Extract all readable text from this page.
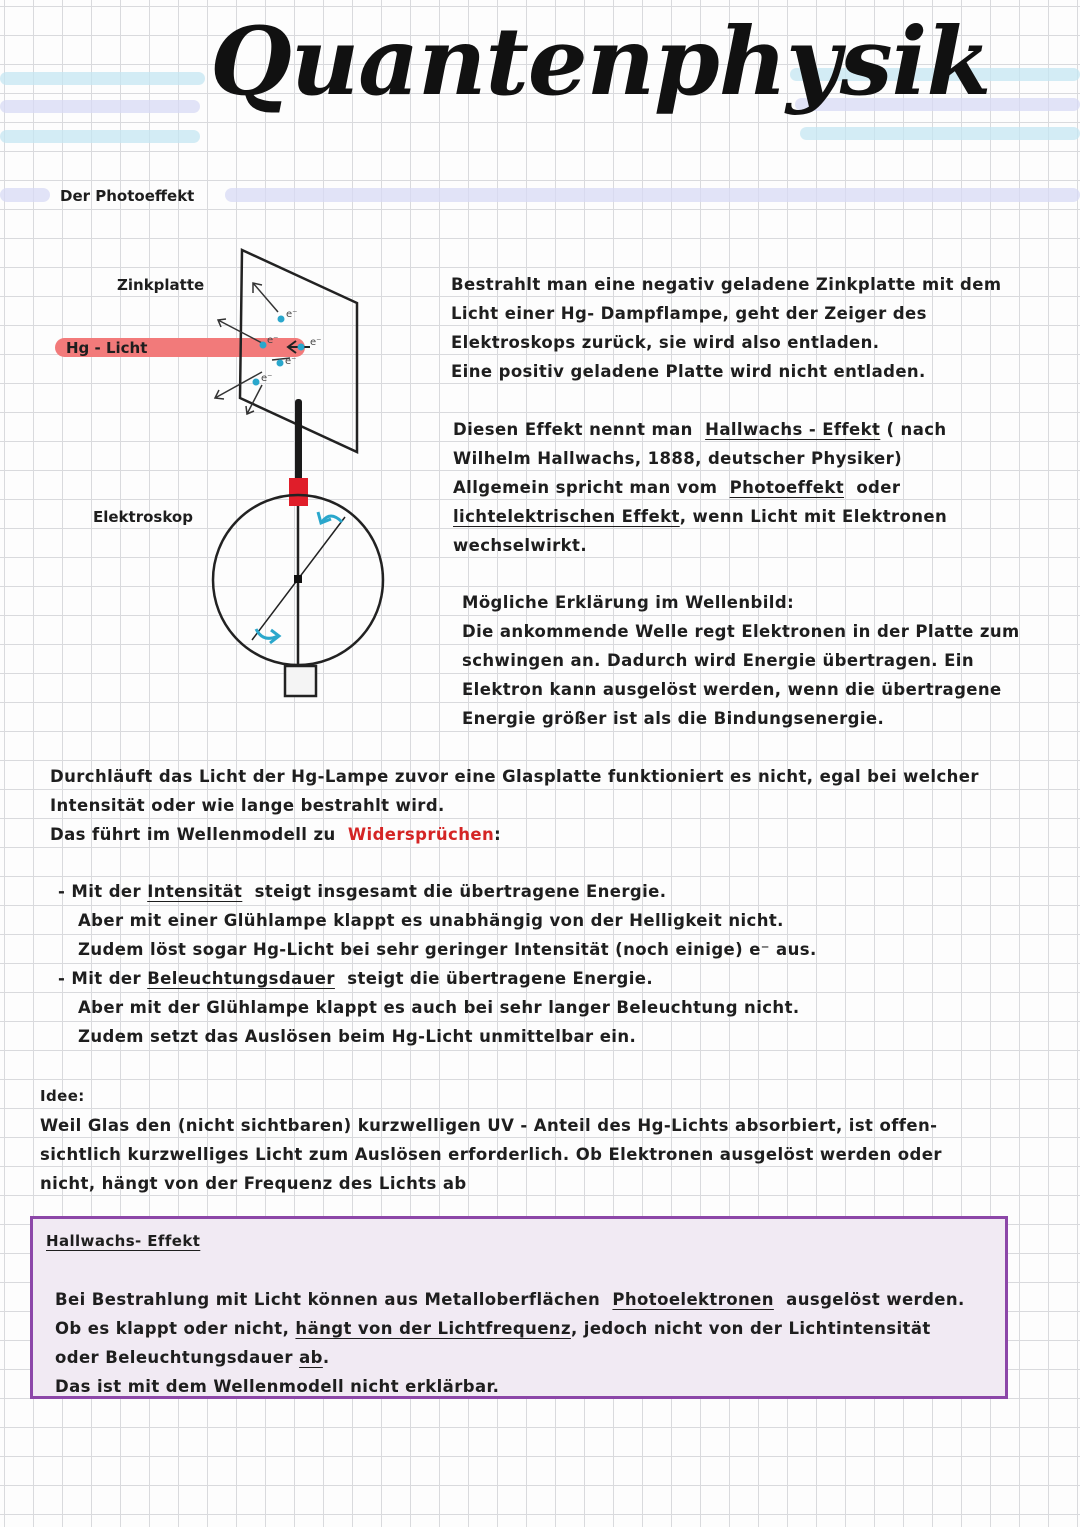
Quantenphysik
Der Photoeffekt
e⁻
e⁻	e⁻
e⁻
e⁻
Zinkplatte
Hg - Licht
Elektroskop
Bestrahlt man eine negativ geladene Zinkplatte mit dem
Licht einer Hg- Dampflampe, geht der Zeiger des
Elektroskops zurück, sie wird also entladen.
Eine positiv geladene Platte wird nicht entladen.
Diesen Effekt nennt man Hallwachs - Effekt ( nach
Wilhelm Hallwachs, 1888, deutscher Physiker)
Allgemein spricht man vom Photoeffekt oder
lichtelektrischen Effekt, wenn Licht mit Elektronen
wechselwirkt.
Mögliche Erklärung im Wellenbild:
Die ankommende Welle regt Elektronen in der Platte zum
schwingen an. Dadurch wird Energie übertragen. Ein
Elektron kann ausgelöst werden, wenn die übertragene
Energie größer ist als die Bindungsenergie.
Durchläuft das Licht der Hg-Lampe zuvor eine Glasplatte funktioniert es nicht, egal bei welcher
Intensität oder wie lange bestrahlt wird.
Das führt im Wellenmodell zu Widersprüchen:
- Mit der Intensität steigt insgesamt die übertragene Energie.
Aber mit einer Glühlampe klappt es unabhängig von der Helligkeit nicht.
Zudem löst sogar Hg-Licht bei sehr geringer Intensität (noch einige) e⁻ aus.
- Mit der Beleuchtungsdauer steigt die übertragene Energie.
Aber mit der Glühlampe klappt es auch bei sehr langer Beleuchtung nicht.
Zudem setzt das Auslösen beim Hg-Licht unmittelbar ein.
Idee:
Weil Glas den (nicht sichtbaren) kurzwelligen UV - Anteil des Hg-Lichts absorbiert, ist offen-
sichtlich kurzwelliges Licht zum Auslösen erforderlich. Ob Elektronen ausgelöst werden oder
nicht, hängt von der Frequenz des Lichts ab
Hallwachs- Effekt
Bei Bestrahlung mit Licht können aus Metalloberflächen Photoelektronen ausgelöst werden.
Ob es klappt oder nicht, hängt von der Lichtfrequenz, jedoch nicht von der Lichtintensität
oder Beleuchtungsdauer ab.
Das ist mit dem Wellenmodell nicht erklärbar.
